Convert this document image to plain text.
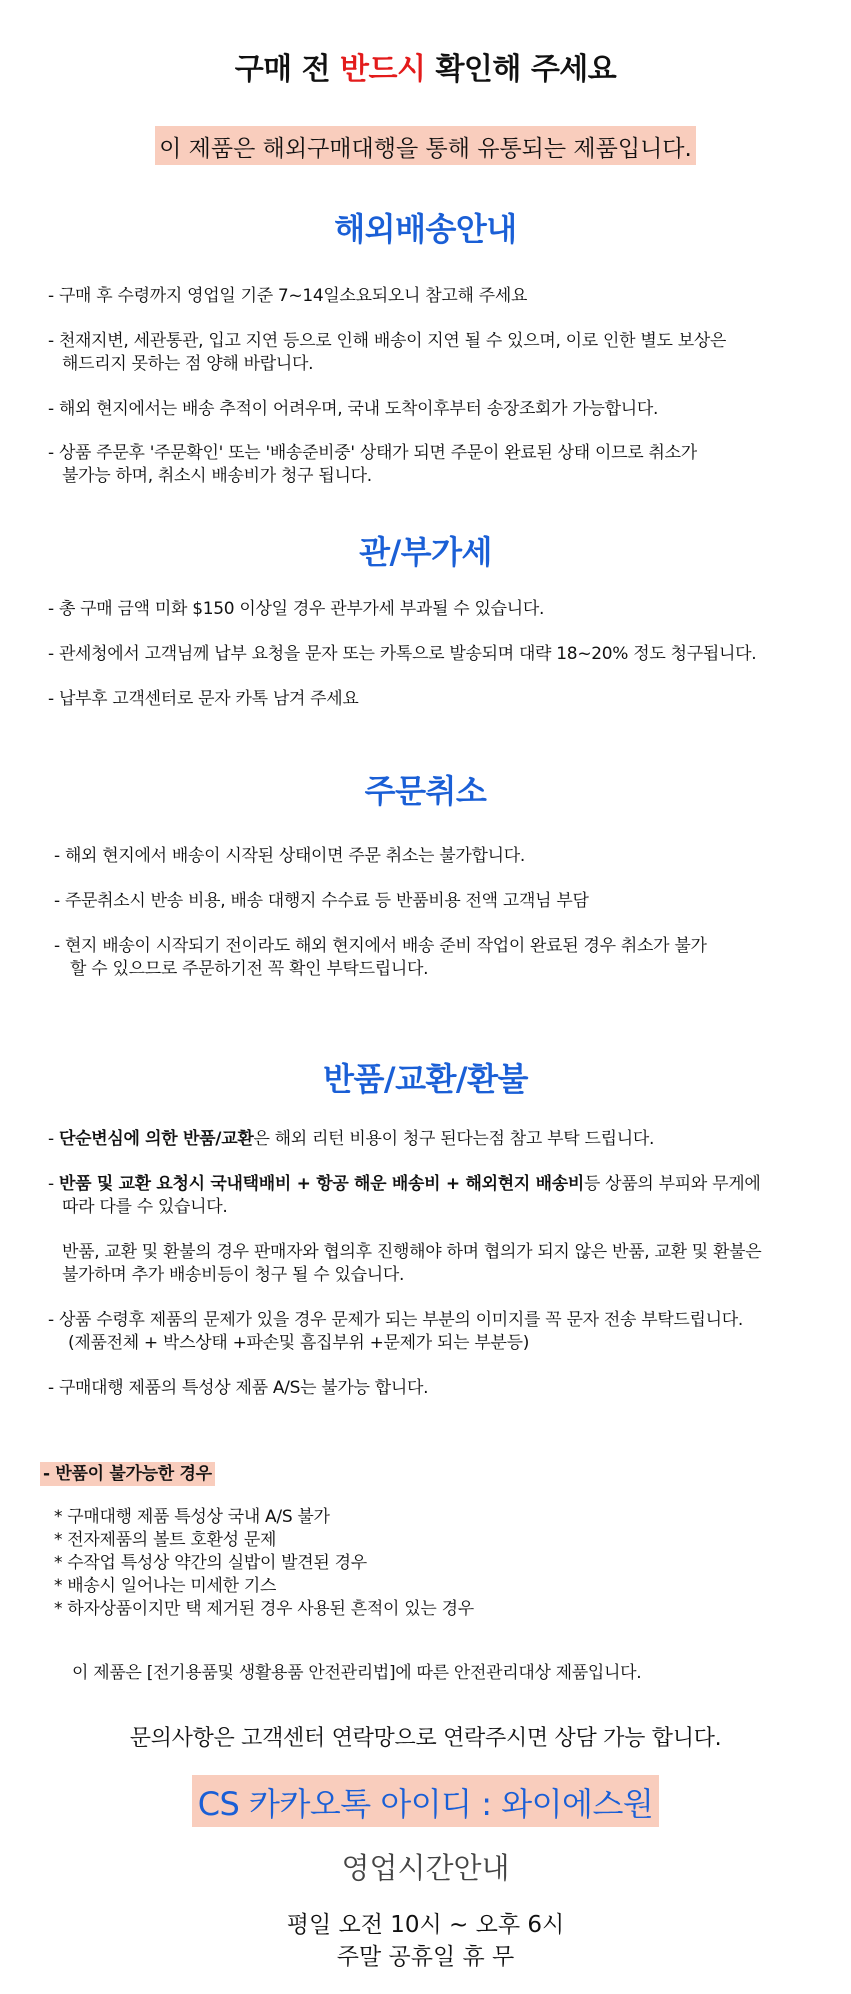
구매 전 반드시 확인해 주세요
이 제품은 해외구매대행을 통해 유통되는 제품입니다.
해외배송안내
- 구매 후 수령까지 영업일 기준 7~14일소요되오니 참고해 주세요
- 천재지변, 세관통관, 입고 지연 등으로 인해 배송이 지연 될 수 있으며, 이로 인한 별도 보상은
해드리지 못하는 점 양해 바랍니다.
- 해외 현지에서는 배송 추적이 어려우며, 국내 도착이후부터 송장조회가 가능합니다.
- 상품 주문후 '주문확인' 또는 '배송준비중' 상태가 되면 주문이 완료된 상태 이므로 취소가
불가능 하며, 취소시 배송비가 청구 됩니다.
관/부가세
- 총 구매 금액 미화 $150 이상일 경우 관부가세 부과될 수 있습니다.
- 관세청에서 고객님께 납부 요청을 문자 또는 카톡으로 발송되며 대략 18~20% 정도 청구됩니다.
- 납부후 고객센터로 문자 카톡 남겨 주세요
주문취소
- 해외 현지에서 배송이 시작된 상태이면 주문 취소는 불가합니다.
- 주문취소시 반송 비용, 배송 대행지 수수료 등 반품비용 전액 고객님 부담
- 현지 배송이 시작되기 전이라도 해외 현지에서 배송 준비 작업이 완료된 경우 취소가 불가
할 수 있으므로 주문하기전 꼭 확인 부탁드립니다.
반품/교환/환불
- 단순변심에 의한 반품/교환은 해외 리턴 비용이 청구 된다는점 참고 부탁 드립니다.
- 반품 및 교환 요청시 국내택배비 + 항공 해운 배송비 + 해외현지 배송비등 상품의 부피와 무게에
따라 다를 수 있습니다.
반품, 교환 및 환불의 경우 판매자와 협의후 진행해야 하며 협의가 되지 않은 반품, 교환 및 환불은
불가하며 추가 배송비등이 청구 될 수 있습니다.
- 상품 수령후 제품의 문제가 있을 경우 문제가 되는 부분의 이미지를 꼭 문자 전송 부탁드립니다.
(제품전체 + 박스상태 +파손및 흠집부위 +문제가 되는 부분등)
- 구매대행 제품의 특성상 제품 A/S는 불가능 합니다.
- 반품이 불가능한 경우
* 구매대행 제품 특성상 국내 A/S 불가
* 전자제품의 볼트 호환성 문제
* 수작업 특성상 약간의 실밥이 발견된 경우
* 배송시 일어나는 미세한 기스
* 하자상품이지만 택 제거된 경우 사용된 흔적이 있는 경우
이 제품은 [전기용품및 생활용품 안전관리법]에 따른 안전관리대상 제품입니다.
문의사항은 고객센터 연락망으로 연락주시면 상담 가능 합니다.
CS 카카오톡 아이디 : 와이에스원
영업시간안내
평일 오전 10시 ~ 오후 6시
주말 공휴일 휴 무
